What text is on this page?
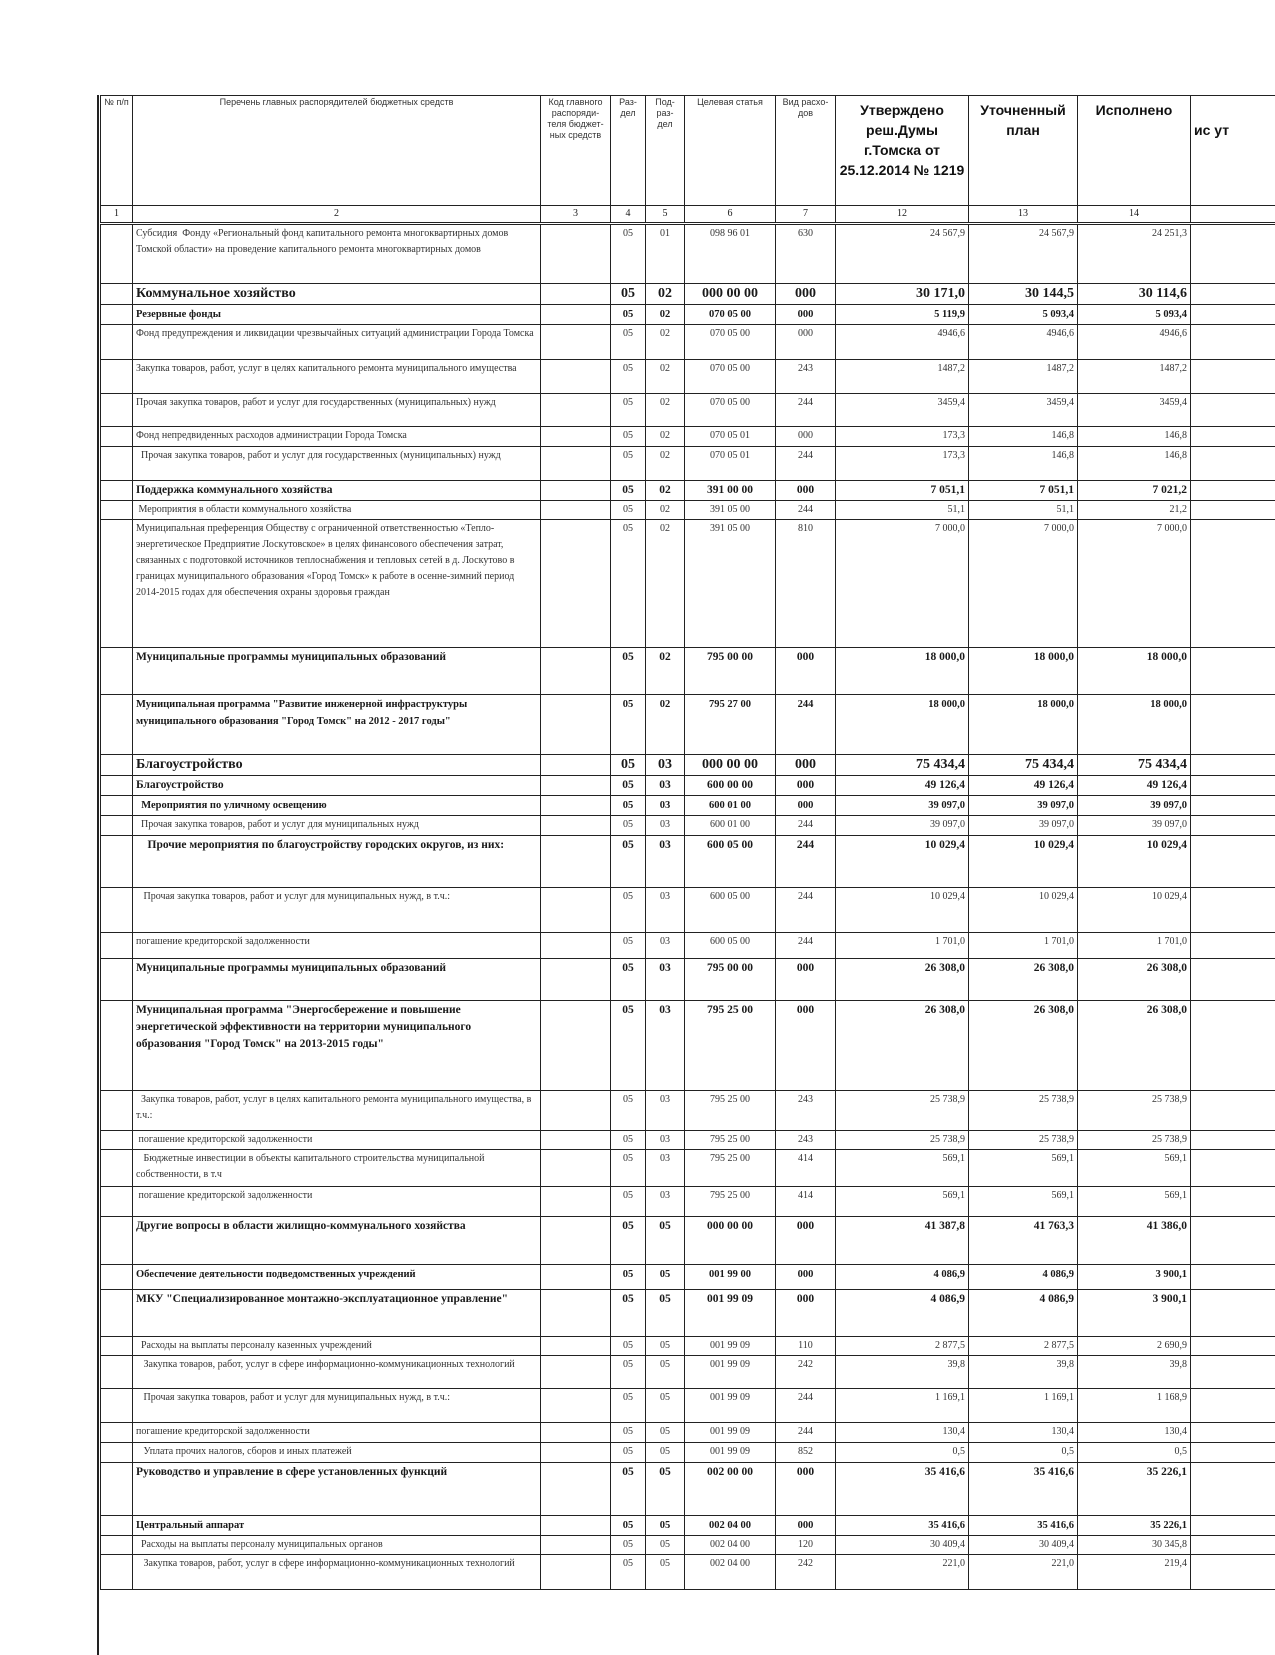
№ п/п	Перечень главных распорядителей бюджетных средств	Код главного распоряди-теля бюджет-ных средств	Раз-дел	Под-раз-дел	Целевая статья	Вид расхо-дов	Утверждено реш.Думы г.Томска от 25.12.2014 № 1219	Уточненный план	Исполнено	ис ут
1	2	3	4	5	6	7	12	13	14	
	Субсидия  Фонду «Региональный фонд капитального ремонта многоквартирных домов Томской области» на проведение капитального ремонта многоквартирных домов		05	01	098 96 01	630	24 567,9	24 567,9	24 251,3	
	Коммунальное хозяйство		05	02	000 00 00	000	30 171,0	30 144,5	30 114,6	
	Резервные фонды		05	02	070 05 00	000	5 119,9	5 093,4	5 093,4	
	Фонд предупреждения и ликвидации чрезвычайных ситуаций администрации Города Томска		05	02	070 05 00	000	4946,6	4946,6	4946,6	
	Закупка товаров, работ, услуг в целях капитального ремонта муниципального имущества		05	02	070 05 00	243	1487,2	1487,2	1487,2	
	Прочая закупка товаров, работ и услуг для государственных (муниципальных) нужд		05	02	070 05 00	244	3459,4	3459,4	3459,4	
	Фонд непредвиденных расходов администрации Города Томска		05	02	070 05 01	000	173,3	146,8	146,8	
	Прочая закупка товаров, работ и услуг для государственных (муниципальных) нужд		05	02	070 05 01	244	173,3	146,8	146,8	
	Поддержка коммунального хозяйства		05	02	391 00 00	000	7 051,1	7 051,1	7 021,2	
	Мероприятия в области коммунального хозяйства		05	02	391 05 00	244	51,1	51,1	21,2	
	Муниципальная преференция Обществу с ограниченной ответственностью «Тепло-энергетическое Предприятие Лоскутовское» в целях финансового обеспечения затрат, связанных с подготовкой источников теплоснабжения и тепловых сетей в д. Лоскутово в границах муниципального образования «Город Томск» к работе в осенне-зимний период 2014-2015 годах для обеспечения охраны здоровья граждан		05	02	391 05 00	810	7 000,0	7 000,0	7 000,0	
	Муниципальные программы муниципальных образований		05	02	795 00 00	000	18 000,0	18 000,0	18 000,0	
	Муниципальная программа "Развитие инженерной инфраструктуры муниципального образования "Город Томск" на 2012 - 2017 годы"		05	02	795 27 00	244	18 000,0	18 000,0	18 000,0	
	Благоустройство		05	03	000 00 00	000	75 434,4	75 434,4	75 434,4	
	Благоустройство		05	03	600 00 00	000	49 126,4	49 126,4	49 126,4	
	Мероприятия по уличному освещению		05	03	600 01 00	000	39 097,0	39 097,0	39 097,0	
	Прочая закупка товаров, работ и услуг для муниципальных нужд		05	03	600 01 00	244	39 097,0	39 097,0	39 097,0	
	Прочие мероприятия по благоустройству городских округов, из них:		05	03	600 05 00	244	10 029,4	10 029,4	10 029,4	
	Прочая закупка товаров, работ и услуг для муниципальных нужд, в т.ч.:		05	03	600 05 00	244	10 029,4	10 029,4	10 029,4	
	погашение кредиторской задолженности		05	03	600 05 00	244	1 701,0	1 701,0	1 701,0	
	Муниципальные программы муниципальных образований		05	03	795 00 00	000	26 308,0	26 308,0	26 308,0	
	Муниципальная программа "Энергосбережение и повышение энергетической эффективности на территории муниципального образования "Город Томск" на 2013-2015 годы"		05	03	795 25 00	000	26 308,0	26 308,0	26 308,0	
	Закупка товаров, работ, услуг в целях капитального ремонта муниципального имущества, в т.ч.:		05	03	795 25 00	243	25 738,9	25 738,9	25 738,9	
	погашение кредиторской задолженности		05	03	795 25 00	243	25 738,9	25 738,9	25 738,9	
	Бюджетные инвестиции в объекты капитального строительства муниципальной собственности, в т.ч		05	03	795 25 00	414	569,1	569,1	569,1	
	погашение кредиторской задолженности		05	03	795 25 00	414	569,1	569,1	569,1	
	Другие вопросы в области жилищно-коммунального хозяйства		05	05	000 00 00	000	41 387,8	41 763,3	41 386,0	
	Обеспечение деятельности подведомственных учреждений		05	05	001 99 00	000	4 086,9	4 086,9	3 900,1	
	МКУ "Специализированное монтажно-эксплуатационное управление"		05	05	001 99 09	000	4 086,9	4 086,9	3 900,1	
	Расходы на выплаты персоналу казенных учреждений		05	05	001 99 09	110	2 877,5	2 877,5	2 690,9	
	Закупка товаров, работ, услуг в сфере информационно-коммуникационных технологий		05	05	001 99 09	242	39,8	39,8	39,8	
	Прочая закупка товаров, работ и услуг для муниципальных нужд, в т.ч.:		05	05	001 99 09	244	1 169,1	1 169,1	1 168,9	
	погашение кредиторской задолженности		05	05	001 99 09	244	130,4	130,4	130,4	
	Уплата прочих налогов, сборов и иных платежей		05	05	001 99 09	852	0,5	0,5	0,5	
	Руководство и управление в сфере установленных функций		05	05	002 00 00	000	35 416,6	35 416,6	35 226,1	
	Центральный аппарат		05	05	002 04 00	000	35 416,6	35 416,6	35 226,1	
	Расходы на выплаты персоналу муниципальных органов		05	05	002 04 00	120	30 409,4	30 409,4	30 345,8	
	Закупка товаров, работ, услуг в сфере информационно-коммуникационных технологий		05	05	002 04 00	242	221,0	221,0	219,4	
